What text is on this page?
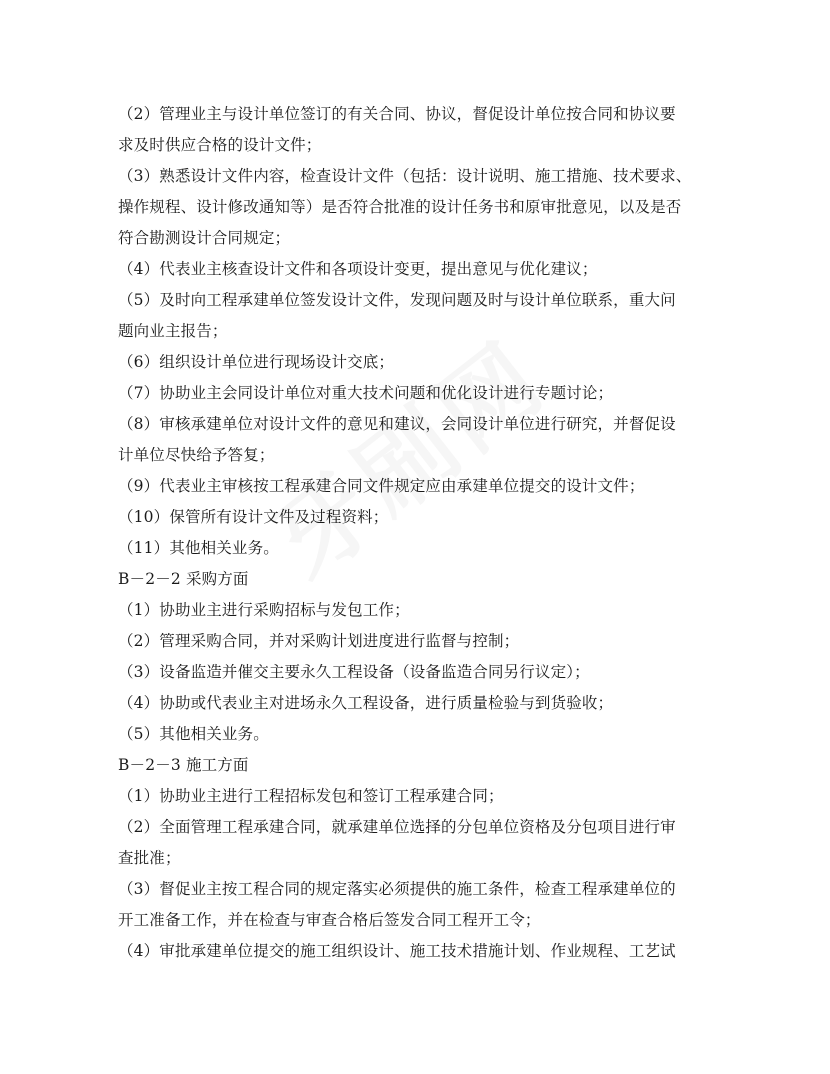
（2）管理业主与设计单位签订的有关合同、协议，督促设计单位按合同和协议要
求及时供应合格的设计文件；
（3）熟悉设计文件内容，检查设计文件（包括：设计说明、施工措施、技术要求、
操作规程、设计修改通知等）是否符合批准的设计任务书和原审批意见，以及是否
符合勘测设计合同规定；
（4）代表业主核查设计文件和各项设计变更，提出意见与优化建议；
（5）及时向工程承建单位签发设计文件，发现问题及时与设计单位联系，重大问
题向业主报告；
（6）组织设计单位进行现场设计交底；
（7）协助业主会同设计单位对重大技术问题和优化设计进行专题讨论；
（8）审核承建单位对设计文件的意见和建议，会同设计单位进行研究，并督促设
计单位尽快给予答复；
（9）代表业主审核按工程承建合同文件规定应由承建单位提交的设计文件；
（10）保管所有设计文件及过程资料；
（11）其他相关业务。
B－2－2 采购方面
（1）协助业主进行采购招标与发包工作；
（2）管理采购合同，并对采购计划进度进行监督与控制；
（3）设备监造并催交主要永久工程设备（设备监造合同另行议定）；
（4）协助或代表业主对进场永久工程设备，进行质量检验与到货验收；
（5）其他相关业务。
B－2－3 施工方面
（1）协助业主进行工程招标发包和签订工程承建合同；
（2）全面管理工程承建合同，就承建单位选择的分包单位资格及分包项目进行审
查批准；
（3）督促业主按工程合同的规定落实必须提供的施工条件，检查工程承建单位的
开工准备工作，并在检查与审查合格后签发合同工程开工令；
（4）审批承建单位提交的施工组织设计、施工技术措施计划、作业规程、工艺试
